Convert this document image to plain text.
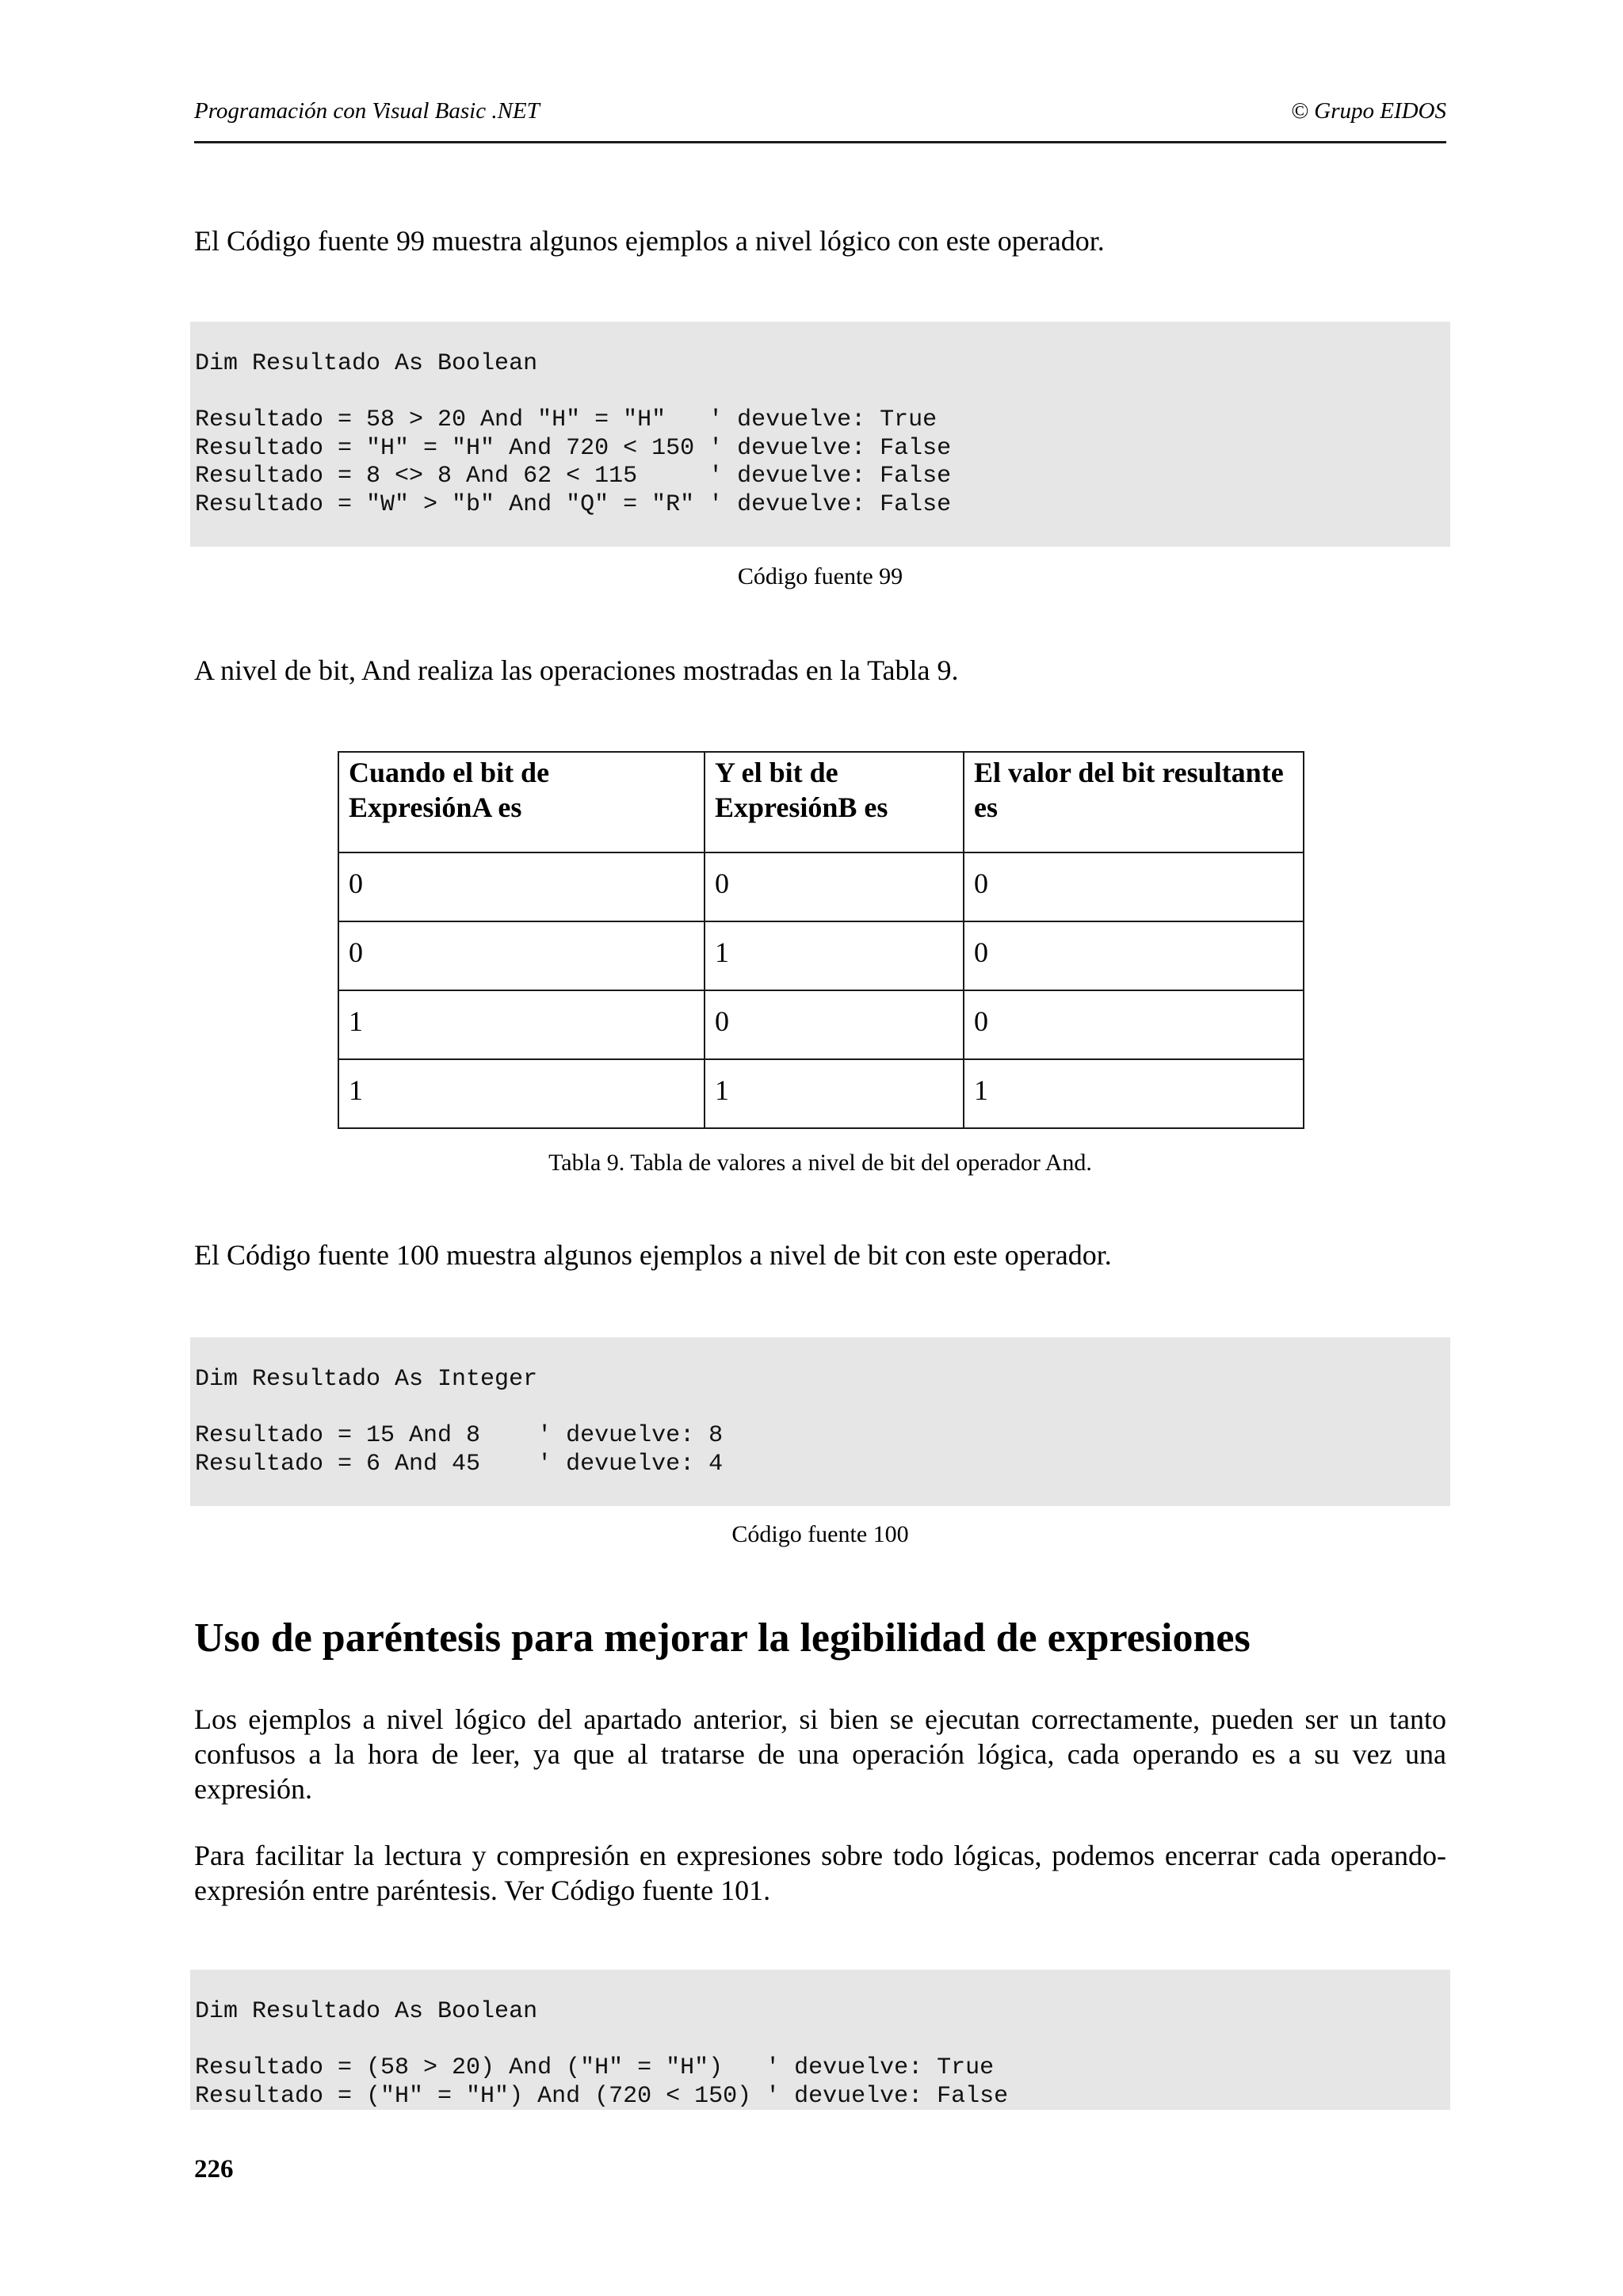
Programación con Visual Basic .NET	© Grupo EIDOS
El Código fuente 99 muestra algunos ejemplos a nivel lógico con este operador.
Dim Resultado As Boolean
Resultado = 58 > 20 And "H" = "H"   ' devuelve: True
Resultado = "H" = "H" And 720 < 150 ' devuelve: False
Resultado = 8 <> 8 And 62 < 115     ' devuelve: False
Resultado = "W" > "b" And "Q" = "R" ' devuelve: False
Código fuente 99
A nivel de bit, And realiza las operaciones mostradas en la Tabla 9.
Cuando el bit de ExpresiónA es	Y el bit de ExpresiónB es	El valor del bit resultante es
0	0	0
0	1	0
1	0	0
1	1	1
Tabla 9. Tabla de valores a nivel de bit del operador And.
El Código fuente 100 muestra algunos ejemplos a nivel de bit con este operador.
Dim Resultado As Integer
Resultado = 15 And 8    ' devuelve: 8
Resultado = 6 And 45    ' devuelve: 4
Código fuente 100
Uso de paréntesis para mejorar la legibilidad de expresiones
Los ejemplos a nivel lógico del apartado anterior, si bien se ejecutan correctamente, pueden ser un tanto confusos a la hora de leer, ya que al tratarse de una operación lógica, cada operando es a su vez una expresión.
Para facilitar la lectura y compresión en expresiones sobre todo lógicas, podemos encerrar cada operando-expresión entre paréntesis. Ver Código fuente 101.
Dim Resultado As Boolean
Resultado = (58 > 20) And ("H" = "H")   ' devuelve: True
Resultado = ("H" = "H") And (720 < 150) ' devuelve: False
226
